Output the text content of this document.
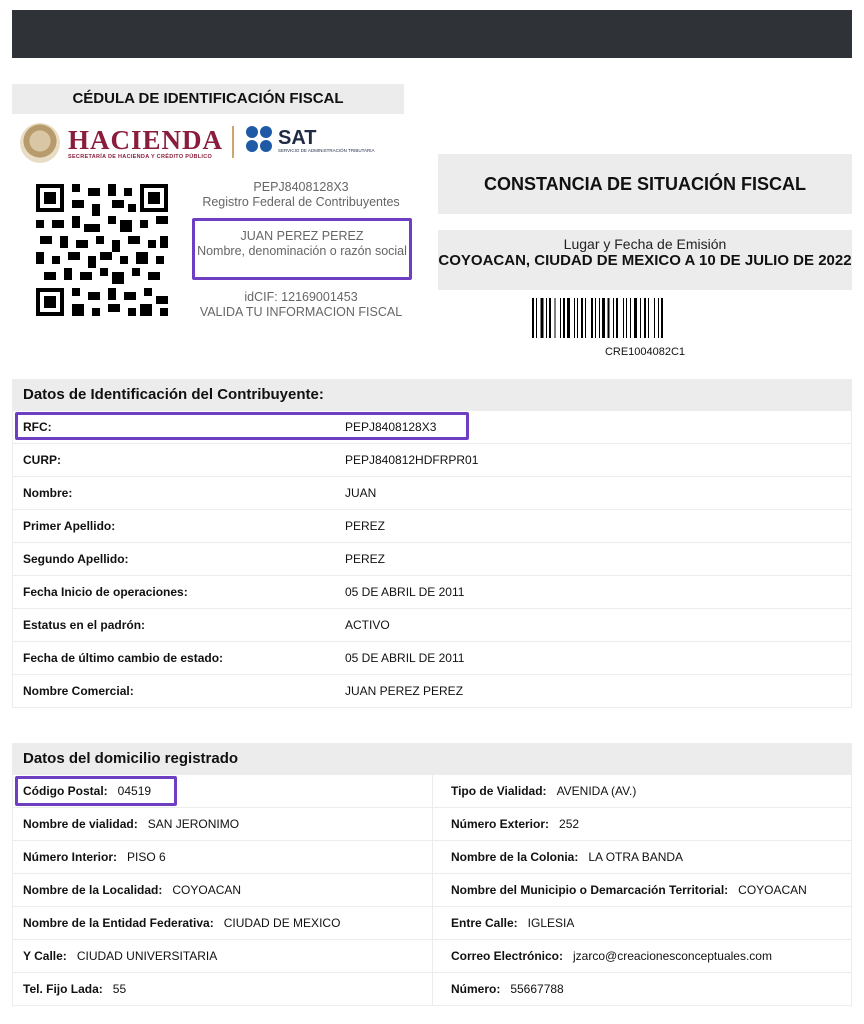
CÉDULA DE IDENTIFICACIÓN FISCAL
HACIENDA
SECRETARÍA DE HACIENDA Y CRÉDITO PÚBLICO
SAT
SERVICIO DE ADMINISTRACIÓN TRIBUTARIA
PEPJ8408128X3
Registro Federal de Contribuyentes
JUAN PEREZ PEREZ
Nombre, denominación o razón social
idCIF: 12169001453
VALIDA TU INFORMACION FISCAL
CONSTANCIA DE SITUACIÓN FISCAL
Lugar y Fecha de Emisión
COYOACAN, CIUDAD DE MEXICO A 10 DE JULIO DE 2022
CRE1004082C1
Datos de Identificación del Contribuyente:
RFC:	PEPJ8408128X3
CURP:	PEPJ840812HDFRPR01
Nombre:	JUAN
Primer Apellido:	PEREZ
Segundo Apellido:	PEREZ
Fecha Inicio de operaciones:	05 DE ABRIL DE 2011
Estatus en el padrón:	ACTIVO
Fecha de último cambio de estado:	05 DE ABRIL DE 2011
Nombre Comercial:	JUAN PEREZ PEREZ
Datos del domicilio registrado
Código Postal: 04519	Tipo de Vialidad: AVENIDA (AV.)
Nombre de vialidad: SAN JERONIMO	Número Exterior: 252
Número Interior: PISO 6	Nombre de la Colonia: LA OTRA BANDA
Nombre de la Localidad: COYOACAN	Nombre del Municipio o Demarcación Territorial: COYOACAN
Nombre de la Entidad Federativa: CIUDAD DE MEXICO	Entre Calle: IGLESIA
Y Calle: CIUDAD UNIVERSITARIA	Correo Electrónico: jzarco@creacionesconceptuales.com
Tel. Fijo Lada: 55	Número: 55667788
